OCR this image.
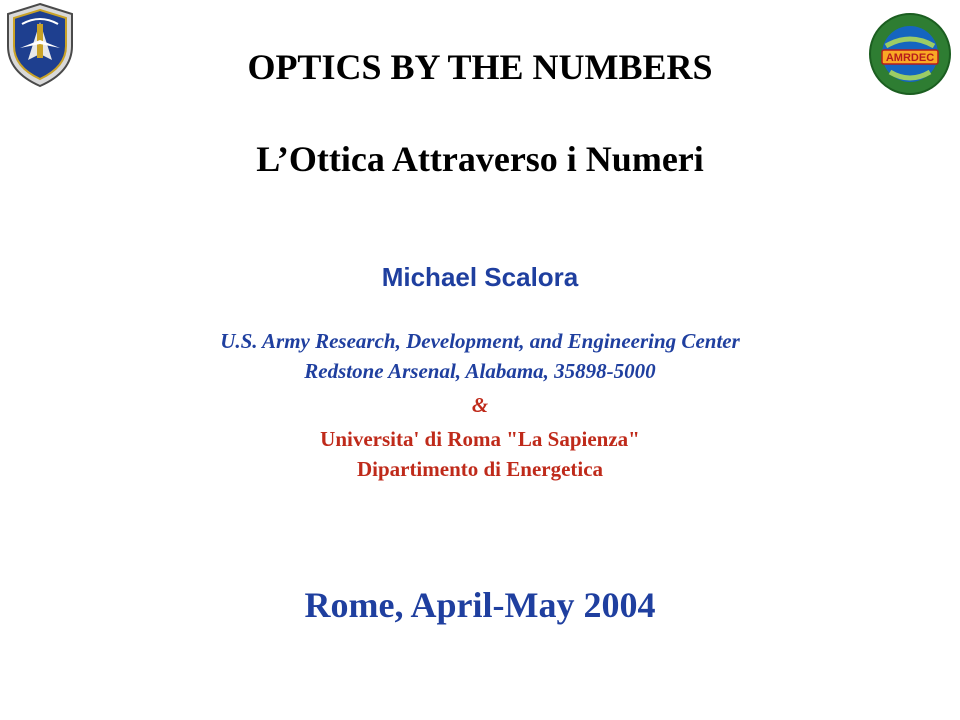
AMRDEC
OPTICS BY THE NUMBERS
L’Ottica Attraverso i Numeri
Michael Scalora
U.S. Army Research, Development, and Engineering Center
Redstone Arsenal, Alabama, 35898-5000
&
Universita' di Roma "La Sapienza"
Dipartimento di Energetica
Rome, April-May 2004
